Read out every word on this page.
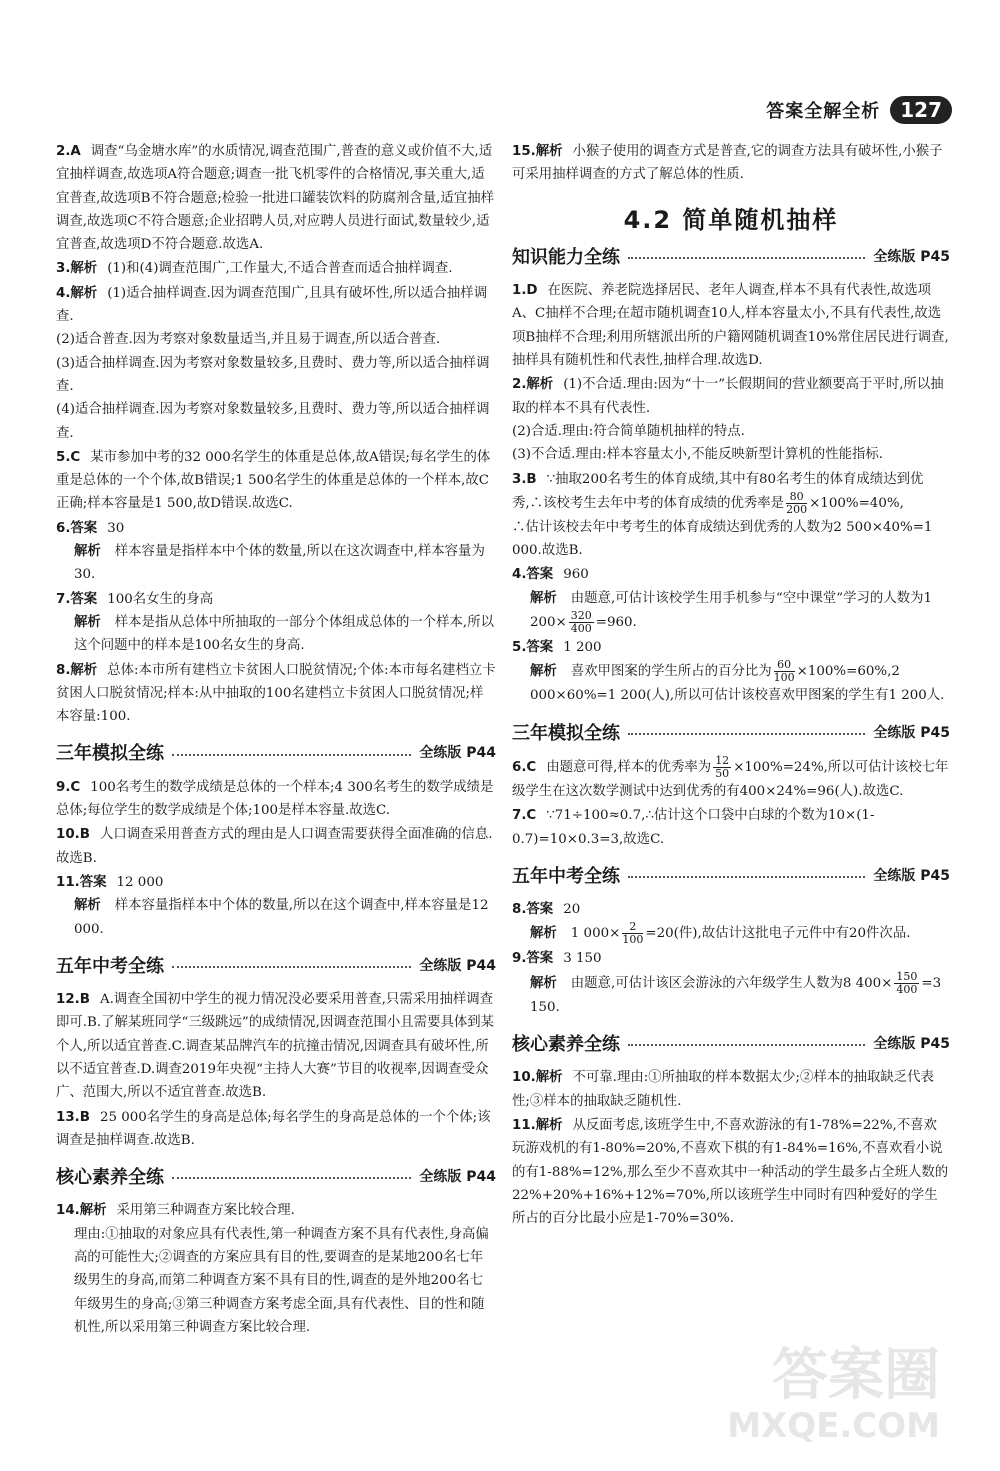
答案全解全析	127
2.A 调查“乌金塘水库”的水质情况,调查范围广,普查的意义或价值不大,适宜抽样调查,故选项A符合题意;调查一批飞机零件的合格情况,事关重大,适宜普查,故选项B不符合题意;检验一批进口罐装饮料的防腐剂含量,适宜抽样调查,故选项C不符合题意;企业招聘人员,对应聘人员进行面试,数量较少,适宜普查,故选项D不符合题意.故选A.
3.解析 (1)和(4)调查范围广,工作量大,不适合普查而适合抽样调查.
4.解析 (1)适合抽样调查.因为调查范围广,且具有破坏性,所以适合抽样调查.
(2)适合普查.因为考察对象数量适当,并且易于调查,所以适合普查.
(3)适合抽样调查.因为考察对象数量较多,且费时、费力等,所以适合抽样调查.
(4)适合抽样调查.因为考察对象数量较多,且费时、费力等,所以适合抽样调查.
5.C 某市参加中考的32 000名学生的体重是总体,故A错误;每名学生的体重是总体的一个个体,故B错误;1 500名学生的体重是总体的一个样本,故C正确;样本容量是1 500,故D错误.故选C.
6.答案 30
解析 样本容量是指样本中个体的数量,所以在这次调查中,样本容量为30.
7.答案 100名女生的身高
解析 样本是指从总体中所抽取的一部分个体组成总体的一个样本,所以这个问题中的样本是100名女生的身高.
8.解析 总体:本市所有建档立卡贫困人口脱贫情况;个体:本市每名建档立卡贫困人口脱贫情况;样本:从中抽取的100名建档立卡贫困人口脱贫情况;样本容量:100.
三年模拟全练	全练版 P44
9.C 100名考生的数学成绩是总体的一个样本;4 300名考生的数学成绩是总体;每位学生的数学成绩是个体;100是样本容量.故选C.
10.B 人口调查采用普查方式的理由是人口调查需要获得全面准确的信息.故选B.
11.答案 12 000
解析 样本容量指样本中个体的数量,所以在这个调查中,样本容量是12 000.
五年中考全练	全练版 P44
12.B A.调查全国初中学生的视力情况没必要采用普查,只需采用抽样调查即可.B.了解某班同学“三级跳远”的成绩情况,因调查范围小且需要具体到某个人,所以适宜普查.C.调查某品牌汽车的抗撞击情况,因调查具有破坏性,所以不适宜普查.D.调查2019年央视“主持人大赛”节目的收视率,因调查受众广、范围大,所以不适宜普查.故选B.
13.B 25 000名学生的身高是总体;每名学生的身高是总体的一个个体;该调查是抽样调查.故选B.
核心素养全练	全练版 P44
14.解析 采用第三种调查方案比较合理.
理由:①抽取的对象应具有代表性,第一种调查方案不具有代表性,身高偏高的可能性大;②调查的方案应具有目的性,要调查的是某地200名七年级男生的身高,而第二种调查方案不具有目的性,调查的是外地200名七年级男生的身高;③第三种调查方案考虑全面,具有代表性、目的性和随机性,所以采用第三种调查方案比较合理.
15.解析 小猴子使用的调查方式是普查,它的调查方法具有破坏性,小猴子可采用抽样调查的方式了解总体的性质.
4.2 简单随机抽样
知识能力全练	全练版 P45
1.D 在医院、养老院选择居民、老年人调查,样本不具有代表性,故选项A、C抽样不合理;在超市随机调查10人,样本容量太小,不具有代表性,故选项B抽样不合理;利用所辖派出所的户籍网随机调查10%常住居民进行调查,抽样具有随机性和代表性,抽样合理.故选D.
2.解析 (1)不合适.理由:因为“十一”长假期间的营业额要高于平时,所以抽取的样本不具有代表性.
(2)合适.理由:符合简单随机抽样的特点.
(3)不合适.理由:样本容量太小,不能反映新型计算机的性能指标.
3.B ∵抽取200名考生的体育成绩,其中有80名考生的体育成绩达到优秀,∴该校考生去年中考的体育成绩的优秀率是 $\frac{80}{200} \times 100\%=40\%$,
∴估计该校去年中考考生的体育成绩达到优秀的人数为2 500×40%=1 000.故选B.
4.答案 960
解析 由题意,可估计该校学生用手机参与“空中课堂”学习的人数为1 $200\times \frac{320}{400} =960$.
5.答案 1 200
解析 喜欢甲图案的学生所占的百分比为 $\frac{60}{100} \times 100\%=60\%,2$ 000×60%=1 200(人),所以可估计该校喜欢甲图案的学生有1 200人.
三年模拟全练	全练版 P45
6.C 由题意可得,样本的优秀率为 $\frac{12}{50} \times 100\%=24\%$,所以可估计该校七年级学生在这次数学测试中达到优秀的有400×24%=96(人).故选C.
7.C ∵71÷100≈0.7,∴估计这个口袋中白球的个数为10×(1-0.7)=10×0.3=3,故选C.
五年中考全练	全练版 P45
8.答案 20
解析 1 $000\times \frac{2}{100} =20$(件),故估计这批电子元件中有20件次品.
9.答案 3 150
解析 由题意,可估计该区会游泳的六年级学生人数为8 $400\times \frac{150}{400} =3$ 150.
核心素养全练	全练版 P45
10.解析 不可靠.理由:①所抽取的样本数据太少;②样本的抽取缺乏代表性;③样本的抽取缺乏随机性.
11.解析 从反面考虑,该班学生中,不喜欢游泳的有1-78%=22%,不喜欢玩游戏机的有1-80%=20%,不喜欢下棋的有1-84%=16%,不喜欢看小说的有1-88%=12%,那么至少不喜欢其中一种活动的学生最多占全班人数的22%+20%+16%+12%=70%,所以该班学生中同时有四种爱好的学生所占的百分比最小应是1-70%=30%.
答案圈
MXQE.COM
